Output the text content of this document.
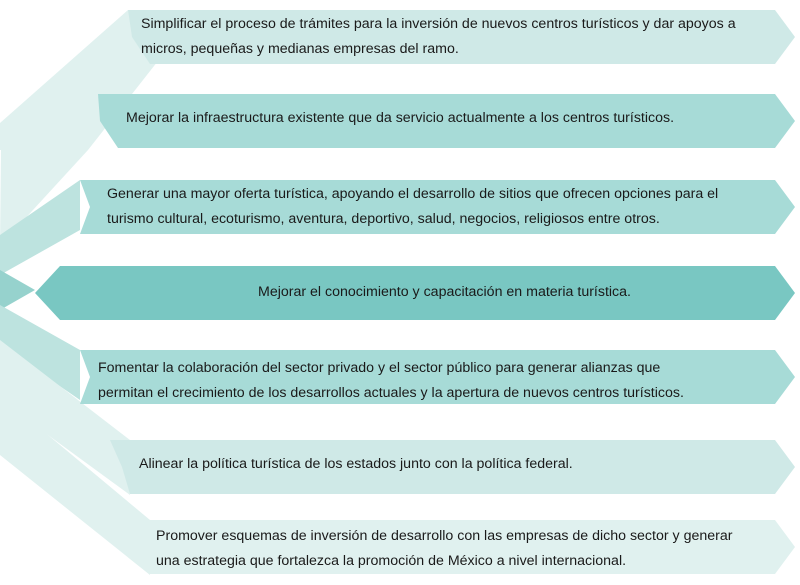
Simplificar el proceso de trámites para la inversión de nuevos centros turísticos y dar apoyos a
micros, pequeñas y medianas empresas del ramo.
Mejorar la infraestructura existente que da servicio actualmente a los centros turísticos.
Generar una mayor oferta turística, apoyando el desarrollo de sitios que ofrecen opciones para el
turismo cultural, ecoturismo, aventura, deportivo, salud, negocios, religiosos entre otros.
Mejorar el conocimiento y capacitación en materia turística.
Fomentar la colaboración del sector privado y el sector público para generar alianzas que
permitan el crecimiento de los desarrollos actuales y la apertura de nuevos centros turísticos.
Alinear la política turística de los estados junto con la política federal.
Promover esquemas de inversión de desarrollo con las empresas de dicho sector y generar
una estrategia que fortalezca la promoción de México a nivel internacional.
